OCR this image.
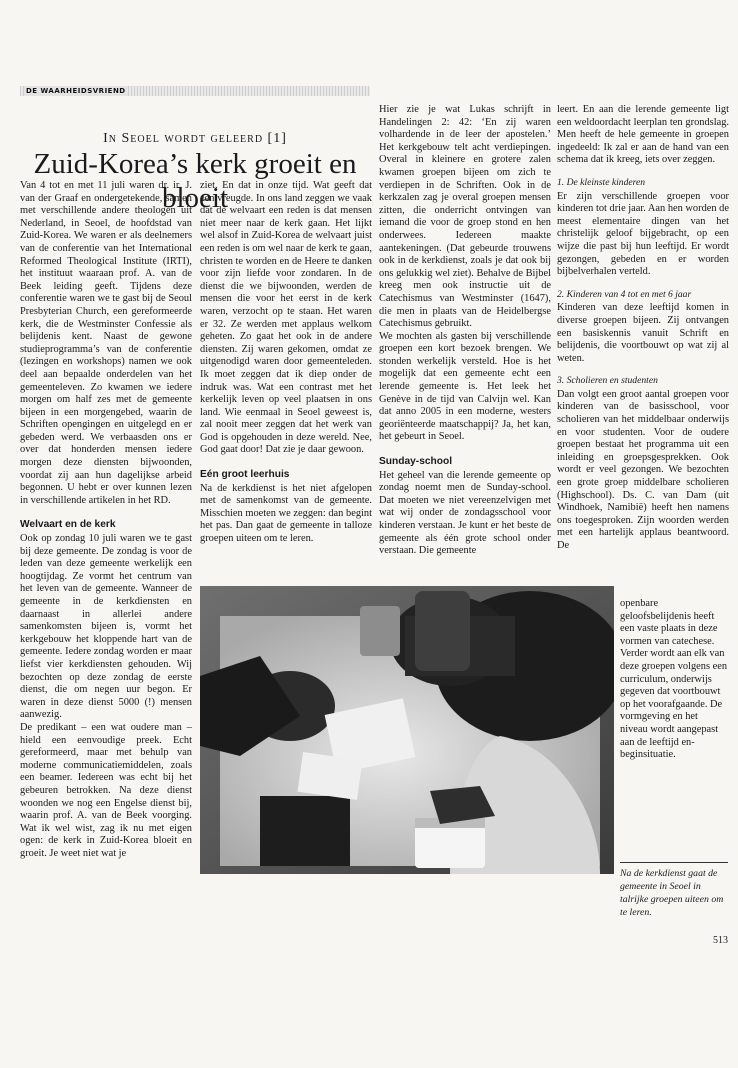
DE WAARHEIDSVRIEND
In Seoel wordt geleerd [1]
Zuid-Korea’s kerk groeit en bloeit

Van 4 tot en met 11 juli waren dr. ir. J. van der Graaf en ondergetekende, samen met verschillende andere theologen uit Nederland, in Seoel, de hoofdstad van Zuid-Korea. We waren er als deelnemers van de conferentie van het International Reformed Theological Institute (IRTI), het instituut waaraan prof. A. van de Beek leiding geeft. Tijdens deze conferentie waren we te gast bij de Seoul Presbyterian Church, een gereformeerde kerk, die de Westminster Confessie als belijdenis kent. Naast de gewone studieprogramma’s van de conferentie (lezingen en workshops) namen we ook deel aan bepaalde onderdelen van het gemeenteleven. Zo kwamen we iedere morgen om half zes met de gemeente bijeen in een morgengebed, waarin de Schriften opengingen en uitgelegd en er gebeden werd. We verbaasden ons er over dat honderden mensen iedere morgen deze diensten bijwoonden, voordat zij aan hun dagelijkse arbeid begonnen. U hebt er over kunnen lezen in verschillende artikelen in het RD.

Welvaart en de kerk

Ook op zondag 10 juli waren we te gast bij deze gemeente. De zondag is voor de leden van deze gemeente werkelijk een hoogtijdag. Ze vormt het centrum van het leven van de gemeente. Wanneer de gemeente in de kerkdiensten en daarnaast in allerlei andere samenkomsten bijeen is, vormt het kerkgebouw het kloppende hart van de gemeente. Iedere zondag worden er maar liefst vier kerkdiensten gehouden. Wij bezochten op deze zondag de eerste dienst, die om negen uur begon. Er waren in deze dienst 5000 (!) mensen aanwezig.

De predikant – een wat oudere man – hield een eenvoudige preek. Echt gereformeerd, maar met behulp van moderne communicatiemiddelen, zoals een beamer. Iedereen was echt bij het gebeuren betrokken. Na deze dienst woonden we nog een Engelse dienst bij, waarin prof. A. van de Beek voorging. Wat ik wel wist, zag ik nu met eigen ogen: de kerk in Zuid-Korea bloeit en groeit. Je weet niet wat je

ziet. En dat in onze tijd. Wat geeft dat een vreugde. In ons land zeggen we vaak dat de welvaart een reden is dat mensen niet meer naar de kerk gaan. Het lijkt wel alsof in Zuid-Korea de welvaart juist een reden is om wel naar de kerk te gaan, christen te worden en de Heere te danken voor zijn liefde voor zondaren. In de dienst die we bijwoonden, werden de mensen die voor het eerst in de kerk waren, verzocht op te staan. Het waren er 32. Ze werden met applaus welkom geheten. Zo gaat het ook in de andere diensten. Zij waren gekomen, omdat ze uitgenodigd waren door gemeenteleden. Ik moet zeggen dat ik diep onder de indruk was. Wat een contrast met het kerkelijk leven op veel plaatsen in ons land. Wie eenmaal in Seoel geweest is, zal nooit meer zeggen dat het werk van God is opgehouden in deze wereld. Nee, God gaat door! Dat zie je daar gewoon.

Eén groot leerhuis

Na de kerkdienst is het niet afgelopen met de samenkomst van de gemeente. Misschien moeten we zeggen: dan begint het pas. Dan gaat de gemeente in talloze groepen uiteen om te leren.

Hier zie je wat Lukas schrijft in Handelingen 2: 42: ‘En zij waren volhardende in de leer der apostelen.’ Het kerkgebouw telt acht verdiepingen. Overal in kleinere en grotere zalen kwamen groepen bijeen om zich te verdiepen in de Schriften. Ook in de kerkzalen zag je overal groepen mensen zitten, die onderricht ontvingen van iemand die voor de groep stond en hen onderwees. Iedereen maakte aantekeningen. (Dat gebeurde trouwens ook in de kerkdienst, zoals je dat ook bij ons gelukkig wel ziet). Behalve de Bijbel kreeg men ook instructie uit de Catechismus van Westminster (1647), die men in plaats van de Heidelbergse Catechismus gebruikt.

We mochten als gasten bij verschillende groepen een kort bezoek brengen. We stonden werkelijk versteld. Hoe is het mogelijk dat een gemeente echt een lerende gemeente is. Het leek het Genève in de tijd van Calvijn wel. Kan dat anno 2005 in een moderne, westers georiënteerde maatschappij? Ja, het kan, het gebeurt in Seoel.

Sunday-school

Het geheel van die lerende gemeente op zondag noemt men de Sunday-school. Dat moeten we niet vereenzelvigen met wat wij onder de zondagsschool voor kinderen verstaan. Je kunt er het beste de gemeente als één grote school onder verstaan. Die gemeente

leert. En aan die lerende gemeente ligt een weldoordacht leerplan ten grondslag. Men heeft de hele gemeente in groepen ingedeeld: Ik zal er aan de hand van een schema dat ik kreeg, iets over zeggen.

1. De kleinste kinderen

Er zijn verschillende groepen voor kinderen tot drie jaar. Aan hen worden de meest elementaire dingen van het christelijk geloof bijgebracht, op een wijze die past bij hun leeftijd. Er wordt gezongen, gebeden en er worden bijbelverhalen verteld.

2. Kinderen van 4 tot en met 6 jaar

Kinderen van deze leeftijd komen in diverse groepen bijeen. Zij ontvangen een basiskennis vanuit Schrift en belijdenis, die voortbouwt op wat zij al weten.

3. Scholieren en studenten

Dan volgt een groot aantal groepen voor kinderen van de basisschool, voor scholieren van het middelbaar onderwijs en voor studenten. Voor de oudere groepen bestaat het programma uit een inleiding en groepsgesprekken. Ook wordt er veel gezongen. We bezochten een grote groep middelbare scholieren (Highschool). Ds. C. van Dam (uit Windhoek, Namibië) heeft hen namens ons toegesproken. Zijn woorden werden met een hartelijk applaus beantwoord. De

openbare geloofsbelijdenis heeft een vaste plaats in deze vormen van catechese. Verder wordt aan elk van deze groepen volgens een curriculum, onderwijs gegeven dat voortbouwt op het voorafgaande. De vormgeving en het niveau wordt aangepast aan de leeftijd en-beginsituatie.

Na de kerkdienst gaat de gemeente in Seoel in talrijke groepen uiteen om te leren.
513
